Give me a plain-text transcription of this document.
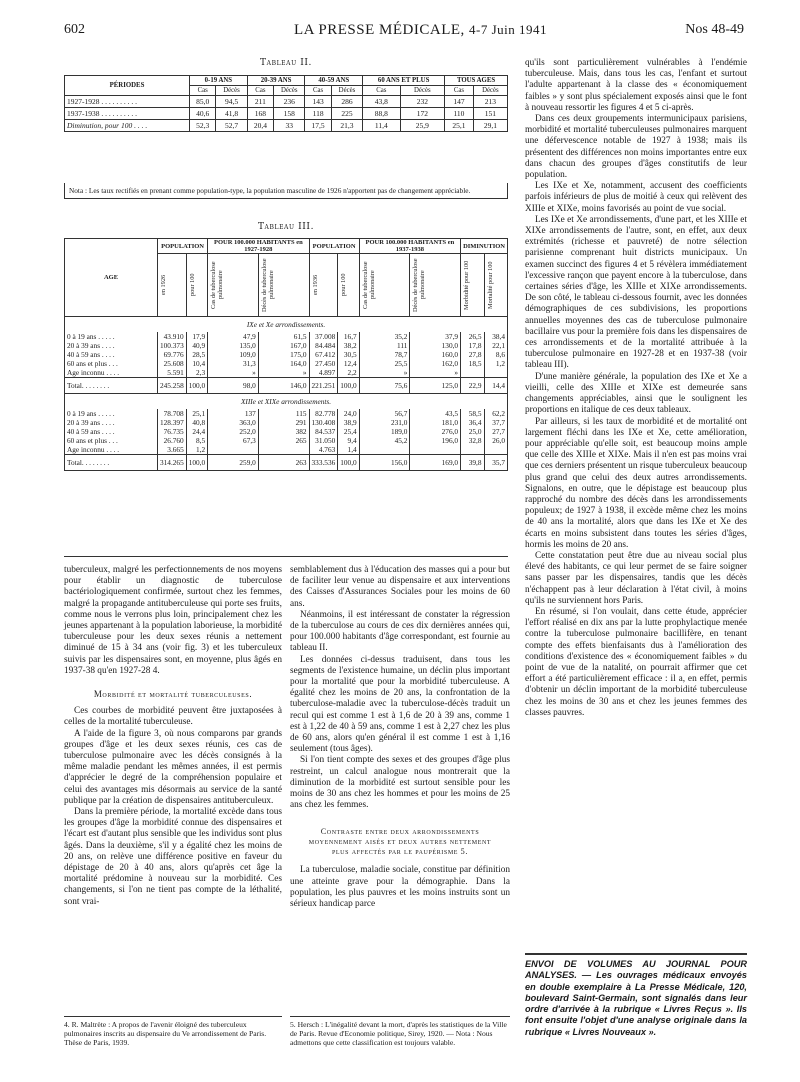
602	LA PRESSE MÉDICALE, 4-7 Juin 1941	Nos 48-49
Tableau II.
PÉRIODES	0-19 ANS		20-39 ANS		40-59 ANS		60 ANS ET PLUS		TOUS AGES	
	Cas	Décès	Cas	Décès	Cas	Décès	Cas	Décès	Cas	Décès
1927-1928 . . . . . . . . . .	85,0	94,5	211	236	143	286	43,8	232	147	213
1937-1938 . . . . . . . . . .	40,6	41,8	168	158	118	225	88,8	172	110	151
Diminution, pour 100 . . . .	52,3	52,7	20,4	33	17,5	21,3	11,4	25,9	25,1	29,1
Nota : Les taux rectifiés en prenant comme population-type, la population masculine de 1926 n'apportent pas de changement appréciable.
Tableau III.
AGE	POPULATION		POUR 100.000 HABITANTS en 1927-1928		POPULATION		POUR 100.000 HABITANTS en 1937-1938		DIMINUTION	

	en 1926	pour 100	Cas de tuberculose pulmonaire	Décès de tuberculose pulmonaire	en 1936	pour 100	Cas de tuberculose pulmonaire	Décès de tuberculose pulmonaire	Morbidité pour 100	Mortalité pour 100

IXe et Xe arrondissements.										
0 à 19 ans . . . . .	43.910	17,9	47,9	61,5	37.008	16,7	35,2	37,9	26,5	38,4
20 à 39 ans . . . .	100.373	40,9	135,0	167,0	84.484	38,2	111	130,0	17,8	22,1
40 à 59 ans . . . .	69.776	28,5	109,0	175,0	67.412	30,5	78,7	160,0	27,8	8,6
60 ans et plus . . .	25.608	10,4	31,3	164,0	27.450	12,4	25,5	162,0	18,5	1,2
Age inconnu . . . .	5.591	2,3	»	»	4.897	2,2	»	»		
Total. . . . . . . .	245.258	100,0	98,0	146,0	221.251	100,0	75,6	125,0	22,9	14,4
XIIIe et XIXe arrondissements.										
0 à 19 ans . . . . .	78.708	25,1	137	115	82.778	24,0	56,7	43,5	58,5	62,2
20 à 39 ans . . . .	128.397	40,8	363,0	291	130.408	38,9	231,0	181,0	36,4	37,7
40 à 59 ans . . . .	76.735	24,4	252,0	382	84.537	25,4	189,0	276,0	25,0	27,7
60 ans et plus . . .	26.760	8,5	67,3	265	31.050	9,4	45,2	196,0	32,8	26,0
Age inconnu . . . .	3.665	1,2			4.763	1,4				
Total. . . . . . . .	314.265	100,0	259,0	263	333.536	100,0	156,0	169,0	39,8	35,7

tuberculeux, malgré les perfectionnements de nos moyens pour établir un diagnostic de tuberculose bactériologiquement confirmée, surtout chez les femmes, malgré la propagande antituberculeuse qui porte ses fruits, comme nous le verrons plus loin, principalement chez les jeunes appartenant à la population laborieuse, la morbidité tuberculeuse pour les deux sexes réunis a nettement diminué de 15 à 34 ans (voir fig. 3) et les tuberculeux suivis par les dispensaires sont, en moyenne, plus âgés en 1937-38 qu'en 1927-28 4.

Morbidité et mortalité tuberculeuses.

Ces courbes de morbidité peuvent être juxtaposées à celles de la mortalité tuberculeuse.

A l'aide de la figure 3, où nous comparons par grands groupes d'âge et les deux sexes réunis, ces cas de tuberculose pulmonaire avec les décès consignés à la même maladie pendant les mêmes années, il est permis d'apprécier le degré de la compréhension populaire et celui des avantages mis désormais au service de la santé publique par la création de dispensaires antituberculeux.

Dans la première période, la mortalité excède dans tous les groupes d'âge la morbidité connue des dispensaires et l'écart est d'autant plus sensible que les individus sont plus âgés. Dans la deuxième, s'il y a égalité chez les moins de 20 ans, on relève une différence positive en faveur du dépistage de 20 à 40 ans, alors qu'après cet âge la mortalité prédomine à nouveau sur la morbidité. Ces changements, si l'on ne tient pas compte de la léthalité, sont vrai-

4. R. Maltrète : A propos de l'avenir éloigné des tuberculeux pulmonaires inscrits au dispensaire du Ve arrondissement de Paris. Thèse de Paris, 1939.

semblablement dus à l'éducation des masses qui a pour but de faciliter leur venue au dispensaire et aux interventions des Caisses d'Assurances Sociales pour les moins de 60 ans.

Néanmoins, il est intéressant de constater la régression de la tuberculose au cours de ces dix dernières années qui, pour 100.000 habitants d'âge correspondant, est fournie au tableau II.

Les données ci-dessus traduisent, dans tous les segments de l'existence humaine, un déclin plus important pour la mortalité que pour la morbidité tuberculeuse. A égalité chez les moins de 20 ans, la confrontation de la tuberculose-maladie avec la tuberculose-décès traduit un recul qui est comme 1 est à 1,6 de 20 à 39 ans, comme 1 est à 1,22 de 40 à 59 ans, comme 1 est à 2,27 chez les plus de 60 ans, alors qu'en général il est comme 1 est à 1,16 seulement (tous âges).

Si l'on tient compte des sexes et des groupes d'âge plus restreint, un calcul analogue nous montrerait que la diminution de la morbidité est surtout sensible pour les moins de 30 ans chez les hommes et pour les moins de 25 ans chez les femmes.

Contraste entre deux arrondissements moyennement aisés et deux autres nettement plus affectés par le paupérisme 5.

La tuberculose, maladie sociale, constitue par définition une atteinte grave pour la démographie. Dans la population, les plus pauvres et les moins instruits sont un sérieux handicap parce

5. Hersch : L'inégalité devant la mort, d'après les statistiques de la Ville de Paris. Revue d'Economie politique, Sirey, 1920. — Nota : Nous admettons que cette classification est toujours valable.

qu'ils sont particulièrement vulnérables à l'endémie tuberculeuse. Mais, dans tous les cas, l'enfant et surtout l'adulte appartenant à la classe des « économiquement faibles » y sont plus spécialement exposés ainsi que le font à nouveau ressortir les figures 4 et 5 ci-après.

Dans ces deux groupements intermunicipaux parisiens, morbidité et mortalité tuberculeuses pulmonaires marquent une défervescence notable de 1927 à 1938; mais ils présentent des différences non moins importantes entre eux dans chacun des groupes d'âges constitutifs de leur population.

Les IXe et Xe, notamment, accusent des coefficients parfois inférieurs de plus de moitié à ceux qui relèvent des XIIIe et XIXe, moins favorisés au point de vue social.

Les IXe et Xe arrondissements, d'une part, et les XIIIe et XIXe arrondissements de l'autre, sont, en effet, aux deux extrémités (richesse et pauvreté) de notre sélection parisienne comprenant huit districts municipaux. Un examen succinct des figures 4 et 5 révèlera immédiatement l'excessive rançon que payent encore à la tuberculose, dans certaines séries d'âge, les XIIIe et XIXe arrondissements. De son côté, le tableau ci-dessous fournit, avec les données démographiques de ces subdivisions, les proportions annuelles moyennes des cas de tuberculose pulmonaire bacillaire vus pour la première fois dans les dispensaires de ces arrondissements et de la mortalité attribuée à la tuberculose pulmonaire en 1927-28 et en 1937-38 (voir tableau III).

D'une manière générale, la population des IXe et Xe a vieilli, celle des XIIIe et XIXe est demeurée sans changements appréciables, ainsi que le soulignent les proportions en italique de ces deux tableaux.

Par ailleurs, si les taux de morbidité et de mortalité ont largement fléchi dans les IXe et Xe, cette amélioration, pour appréciable qu'elle soit, est beaucoup moins ample que celle des XIIIe et XIXe. Mais il n'en est pas moins vrai que ces derniers présentent un risque tuberculeux beaucoup plus grand que celui des deux autres arrondissements. Signalons, en outre, que le dépistage est beaucoup plus rapproché du nombre des décès dans les arrondissements populeux; de 1927 à 1938, il excède même chez les moins de 40 ans la mortalité, alors que dans les IXe et Xe des écarts en moins subsistent dans toutes les séries d'âges, hormis les moins de 20 ans.

Cette constatation peut être due au niveau social plus élevé des habitants, ce qui leur permet de se faire soigner sans passer par les dispensaires, tandis que les décès n'échappent pas à leur déclaration à l'état civil, à moins qu'ils ne surviennent hors Paris.

En résumé, si l'on voulait, dans cette étude, apprécier l'effort réalisé en dix ans par la lutte prophylactique menée contre la tuberculose pulmonaire bacillifère, en tenant compte des effets bienfaisants dus à l'amélioration des conditions d'existence des « économiquement faibles » du point de vue de la natalité, on pourrait affirmer que cet effort a été particulièrement efficace : il a, en effet, permis d'obtenir un déclin important de la morbidité tuberculeuse chez les moins de 30 ans et chez les jeunes femmes des classes pauvres.

ENVOI DE VOLUMES AU JOURNAL POUR ANALYSES. — Les ouvrages médicaux envoyés en double exemplaire à La Presse Médicale, 120, boulevard Saint-Germain, sont signalés dans leur ordre d'arrivée à la rubrique « Livres Reçus ». Ils font ensuite l'objet d'une analyse originale dans la rubrique « Livres Nouveaux ».
